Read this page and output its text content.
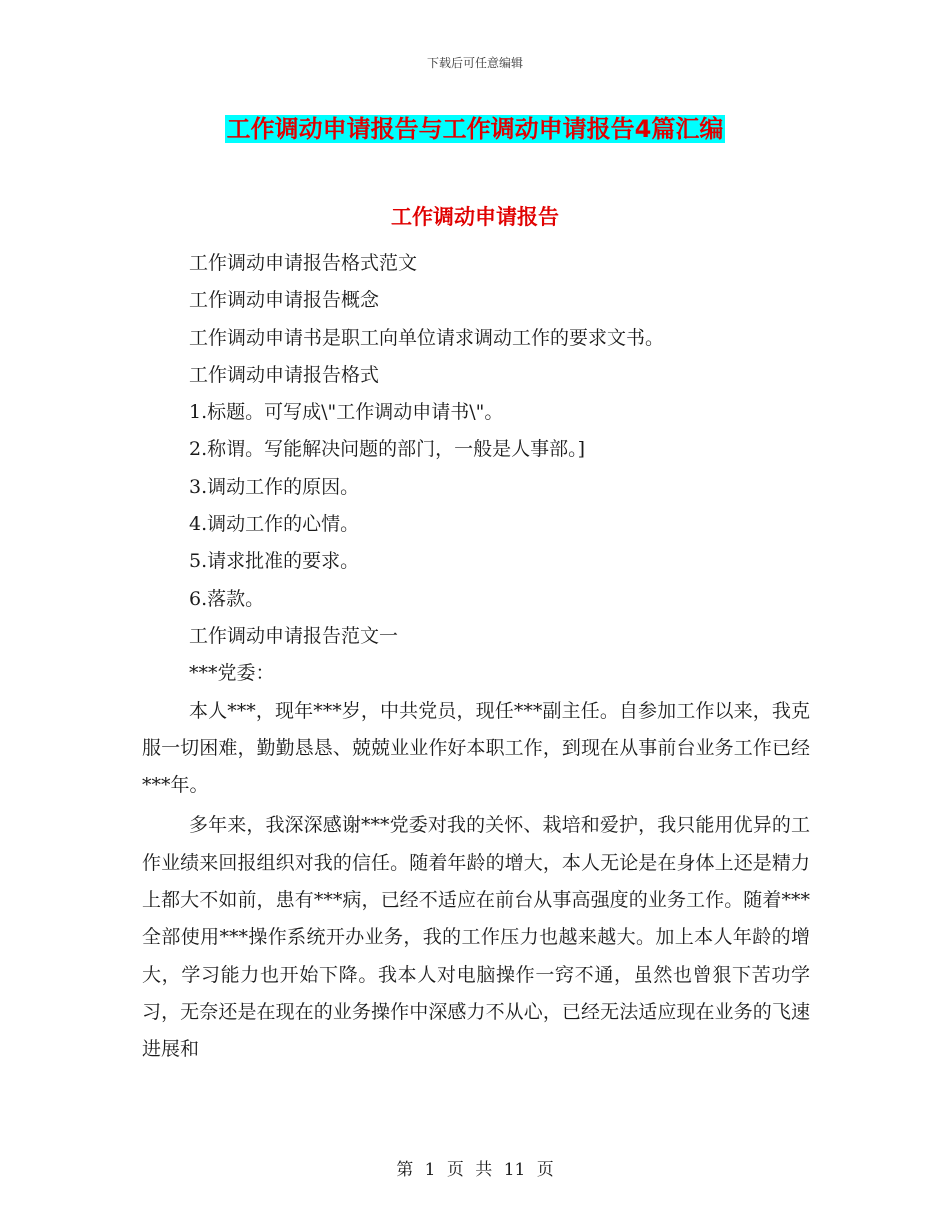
下载后可任意编辑
工作调动申请报告与工作调动申请报告4篇汇编
工作调动申请报告

工作调动申请报告格式范文

工作调动申请报告概念

工作调动申请书是职工向单位请求调动工作的要求文书。

工作调动申请报告格式

1.标题。可写成\"工作调动申请书\"。

2.称谓。写能解决问题的部门，一般是人事部。]

3.调动工作的原因。

4.调动工作的心情。

5.请求批准的要求。

6.落款。

工作调动申请报告范文一

***党委：

本人***，现年***岁，中共党员，现任***副主任。自参加工作以来，我克服一切困难，勤勤恳恳、兢兢业业作好本职工作，到现在从事前台业务工作已经***年。

多年来，我深深感谢***党委对我的关怀、栽培和爱护，我只能用优异的工作业绩来回报组织对我的信任。随着年龄的增大，本人无论是在身体上还是精力上都大不如前，患有***病，已经不适应在前台从事高强度的业务工作。随着***全部使用***操作系统开办业务，我的工作压力也越来越大。加上本人年龄的增大，学习能力也开始下降。我本人对电脑操作一窍不通，虽然也曾狠下苦功学习，无奈还是在现在的业务操作中深感力不从心，已经无法适应现在业务的飞速进展和

第 1 页 共 11 页
